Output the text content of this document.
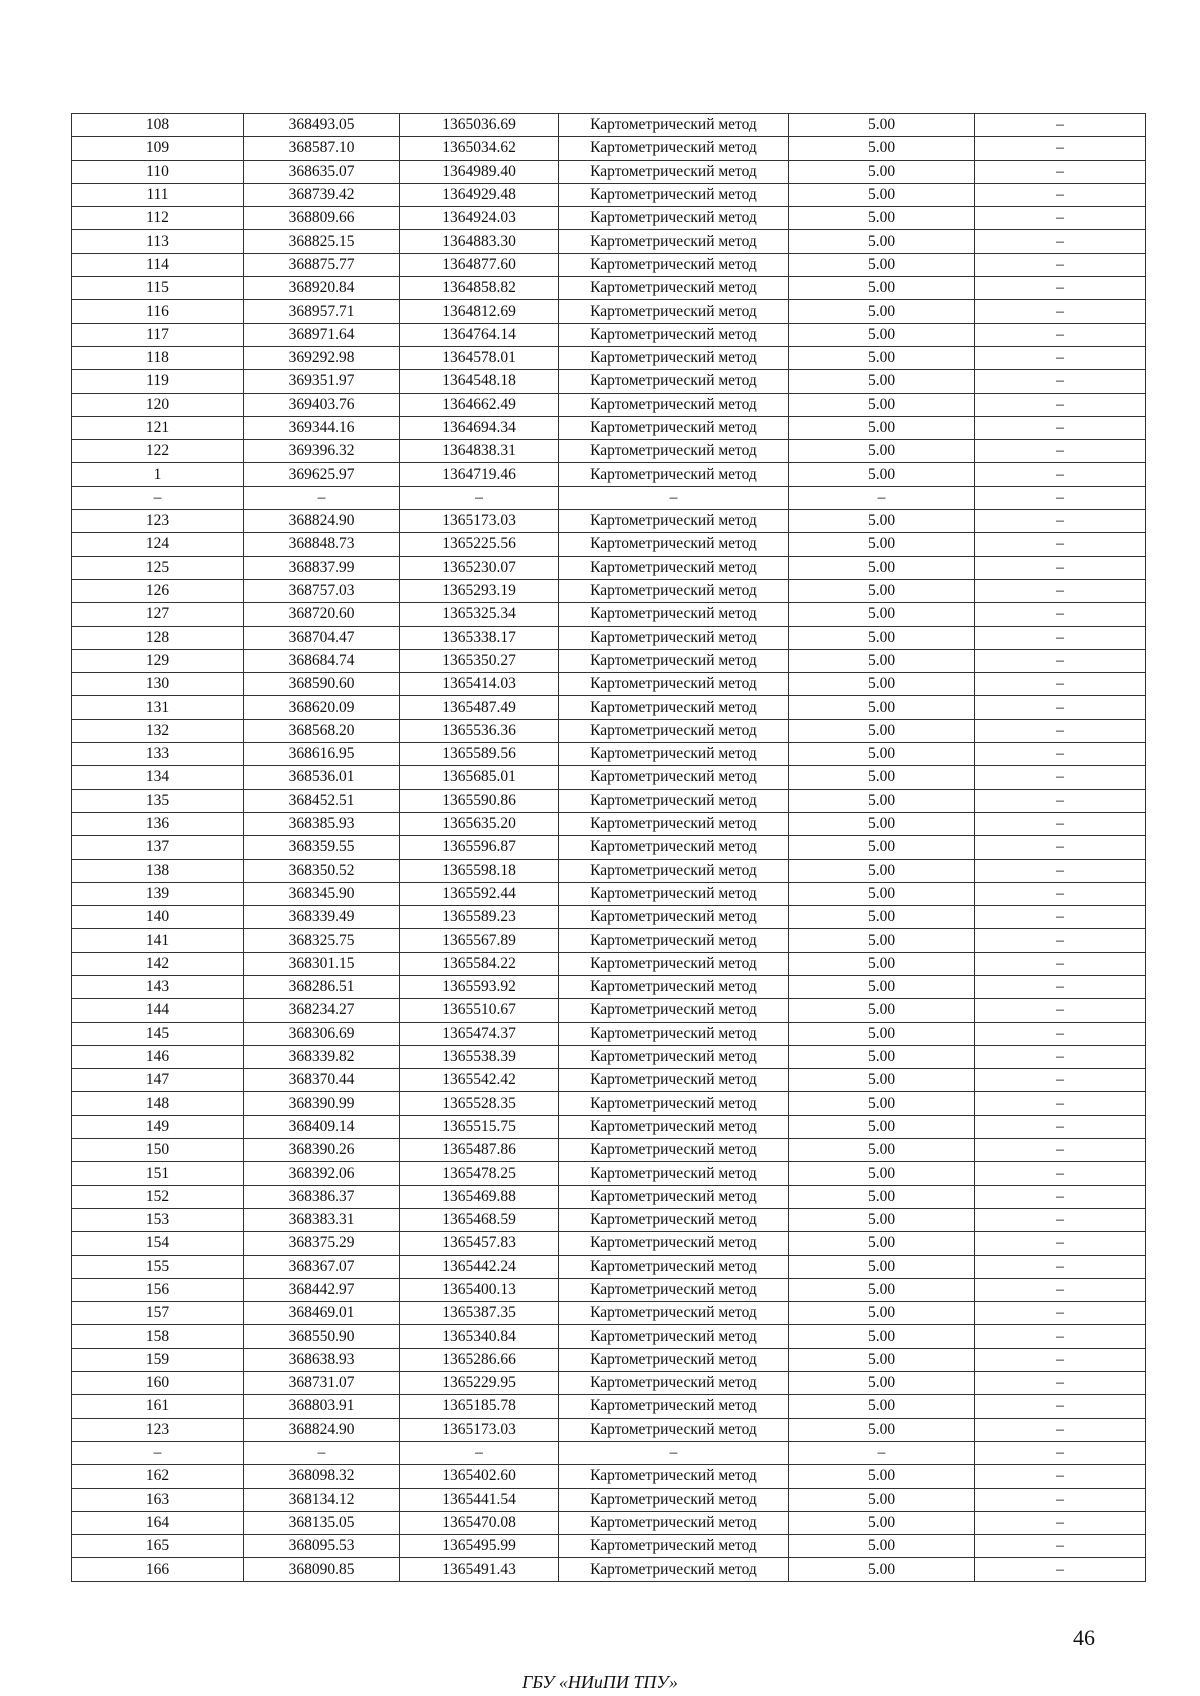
108	368493.05	1365036.69	Картометрический метод	5.00	–
109	368587.10	1365034.62	Картометрический метод	5.00	–
110	368635.07	1364989.40	Картометрический метод	5.00	–
111	368739.42	1364929.48	Картометрический метод	5.00	–
112	368809.66	1364924.03	Картометрический метод	5.00	–
113	368825.15	1364883.30	Картометрический метод	5.00	–
114	368875.77	1364877.60	Картометрический метод	5.00	–
115	368920.84	1364858.82	Картометрический метод	5.00	–
116	368957.71	1364812.69	Картометрический метод	5.00	–
117	368971.64	1364764.14	Картометрический метод	5.00	–
118	369292.98	1364578.01	Картометрический метод	5.00	–
119	369351.97	1364548.18	Картометрический метод	5.00	–
120	369403.76	1364662.49	Картометрический метод	5.00	–
121	369344.16	1364694.34	Картометрический метод	5.00	–
122	369396.32	1364838.31	Картометрический метод	5.00	–
1	369625.97	1364719.46	Картометрический метод	5.00	–
–	–	–	–	–	–
123	368824.90	1365173.03	Картометрический метод	5.00	–
124	368848.73	1365225.56	Картометрический метод	5.00	–
125	368837.99	1365230.07	Картометрический метод	5.00	–
126	368757.03	1365293.19	Картометрический метод	5.00	–
127	368720.60	1365325.34	Картометрический метод	5.00	–
128	368704.47	1365338.17	Картометрический метод	5.00	–
129	368684.74	1365350.27	Картометрический метод	5.00	–
130	368590.60	1365414.03	Картометрический метод	5.00	–
131	368620.09	1365487.49	Картометрический метод	5.00	–
132	368568.20	1365536.36	Картометрический метод	5.00	–
133	368616.95	1365589.56	Картометрический метод	5.00	–
134	368536.01	1365685.01	Картометрический метод	5.00	–
135	368452.51	1365590.86	Картометрический метод	5.00	–
136	368385.93	1365635.20	Картометрический метод	5.00	–
137	368359.55	1365596.87	Картометрический метод	5.00	–
138	368350.52	1365598.18	Картометрический метод	5.00	–
139	368345.90	1365592.44	Картометрический метод	5.00	–
140	368339.49	1365589.23	Картометрический метод	5.00	–
141	368325.75	1365567.89	Картометрический метод	5.00	–
142	368301.15	1365584.22	Картометрический метод	5.00	–
143	368286.51	1365593.92	Картометрический метод	5.00	–
144	368234.27	1365510.67	Картометрический метод	5.00	–
145	368306.69	1365474.37	Картометрический метод	5.00	–
146	368339.82	1365538.39	Картометрический метод	5.00	–
147	368370.44	1365542.42	Картометрический метод	5.00	–
148	368390.99	1365528.35	Картометрический метод	5.00	–
149	368409.14	1365515.75	Картометрический метод	5.00	–
150	368390.26	1365487.86	Картометрический метод	5.00	–
151	368392.06	1365478.25	Картометрический метод	5.00	–
152	368386.37	1365469.88	Картометрический метод	5.00	–
153	368383.31	1365468.59	Картометрический метод	5.00	–
154	368375.29	1365457.83	Картометрический метод	5.00	–
155	368367.07	1365442.24	Картометрический метод	5.00	–
156	368442.97	1365400.13	Картометрический метод	5.00	–
157	368469.01	1365387.35	Картометрический метод	5.00	–
158	368550.90	1365340.84	Картометрический метод	5.00	–
159	368638.93	1365286.66	Картометрический метод	5.00	–
160	368731.07	1365229.95	Картометрический метод	5.00	–
161	368803.91	1365185.78	Картометрический метод	5.00	–
123	368824.90	1365173.03	Картометрический метод	5.00	–
–	–	–	–	–	–
162	368098.32	1365402.60	Картометрический метод	5.00	–
163	368134.12	1365441.54	Картометрический метод	5.00	–
164	368135.05	1365470.08	Картометрический метод	5.00	–
165	368095.53	1365495.99	Картометрический метод	5.00	–
166	368090.85	1365491.43	Картометрический метод	5.00	–
46
ГБУ «НИиПИ ТПУ»
